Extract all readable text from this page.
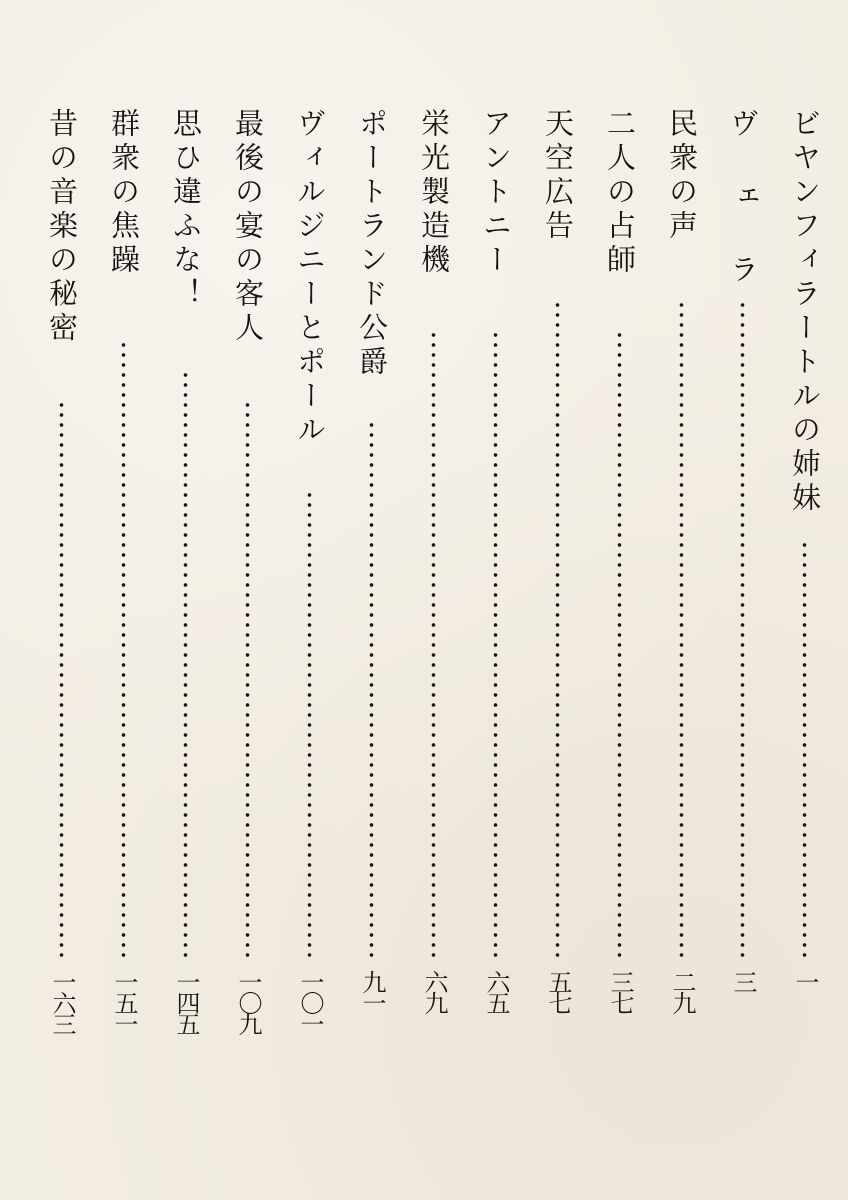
ビヤンフィラートルの姉妹
一
ヴ ェ ラ
三
民衆の声
二九
二人の占師
三七
天空広告
五七
アントニー
六五
栄光製造機
六九
ポートランド公爵
九一
ヴィルジニーとポール
一〇一
最後の宴の客人
一〇九
思ひ違ふな！
一四五
群衆の焦躁
一五一
昔の音楽の秘密
一六三
